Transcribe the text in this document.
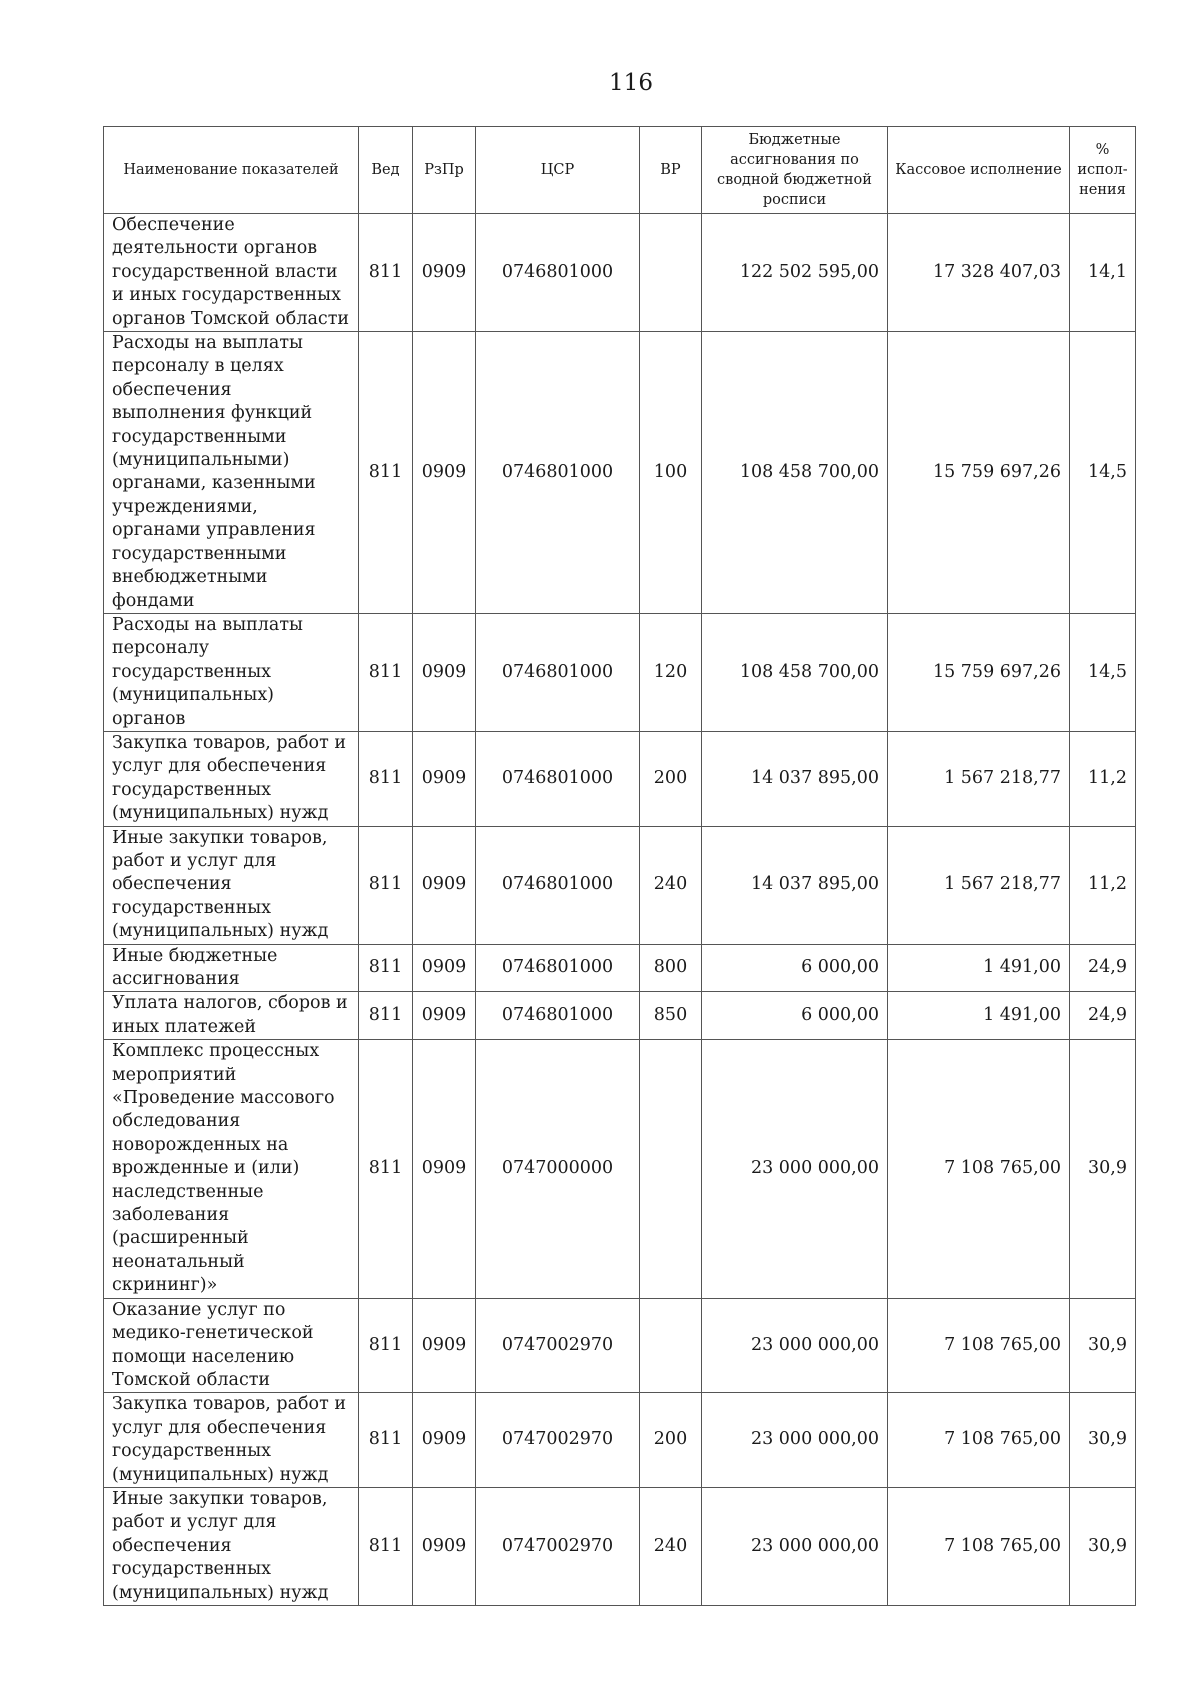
116
Наименование показателей	Вед	РзПр	ЦСР	ВР	Бюджетные ассигнования по сводной бюджетной росписи	Кассовое исполнение	% испол-нения
Обеспечение деятельности органов государственной власти и иных государственных органов Томской области	811	0909	0746801000		122 502 595,00	17 328 407,03	14,1
Расходы на выплаты персоналу в целях обеспечения выполнения функций государственными (муниципальными) органами, казенными учреждениями, органами управления государственными внебюджетными фондами	811	0909	0746801000	100	108 458 700,00	15 759 697,26	14,5
Расходы на выплаты персоналу государственных (муниципальных) органов	811	0909	0746801000	120	108 458 700,00	15 759 697,26	14,5
Закупка товаров, работ и услуг для обеспечения государственных (муниципальных) нужд	811	0909	0746801000	200	14 037 895,00	1 567 218,77	11,2
Иные закупки товаров, работ и услуг для обеспечения государственных (муниципальных) нужд	811	0909	0746801000	240	14 037 895,00	1 567 218,77	11,2
Иные бюджетные ассигнования	811	0909	0746801000	800	6 000,00	1 491,00	24,9
Уплата налогов, сборов и иных платежей	811	0909	0746801000	850	6 000,00	1 491,00	24,9
Комплекс процессных мероприятий «Проведение массового обследования новорожденных на врожденные и (или) наследственные заболевания (расширенный неонатальный скрининг)»	811	0909	0747000000		23 000 000,00	7 108 765,00	30,9
Оказание услуг по медико-генетической помощи населению Томской области	811	0909	0747002970		23 000 000,00	7 108 765,00	30,9
Закупка товаров, работ и услуг для обеспечения государственных (муниципальных) нужд	811	0909	0747002970	200	23 000 000,00	7 108 765,00	30,9
Иные закупки товаров, работ и услуг для обеспечения государственных (муниципальных) нужд	811	0909	0747002970	240	23 000 000,00	7 108 765,00	30,9
